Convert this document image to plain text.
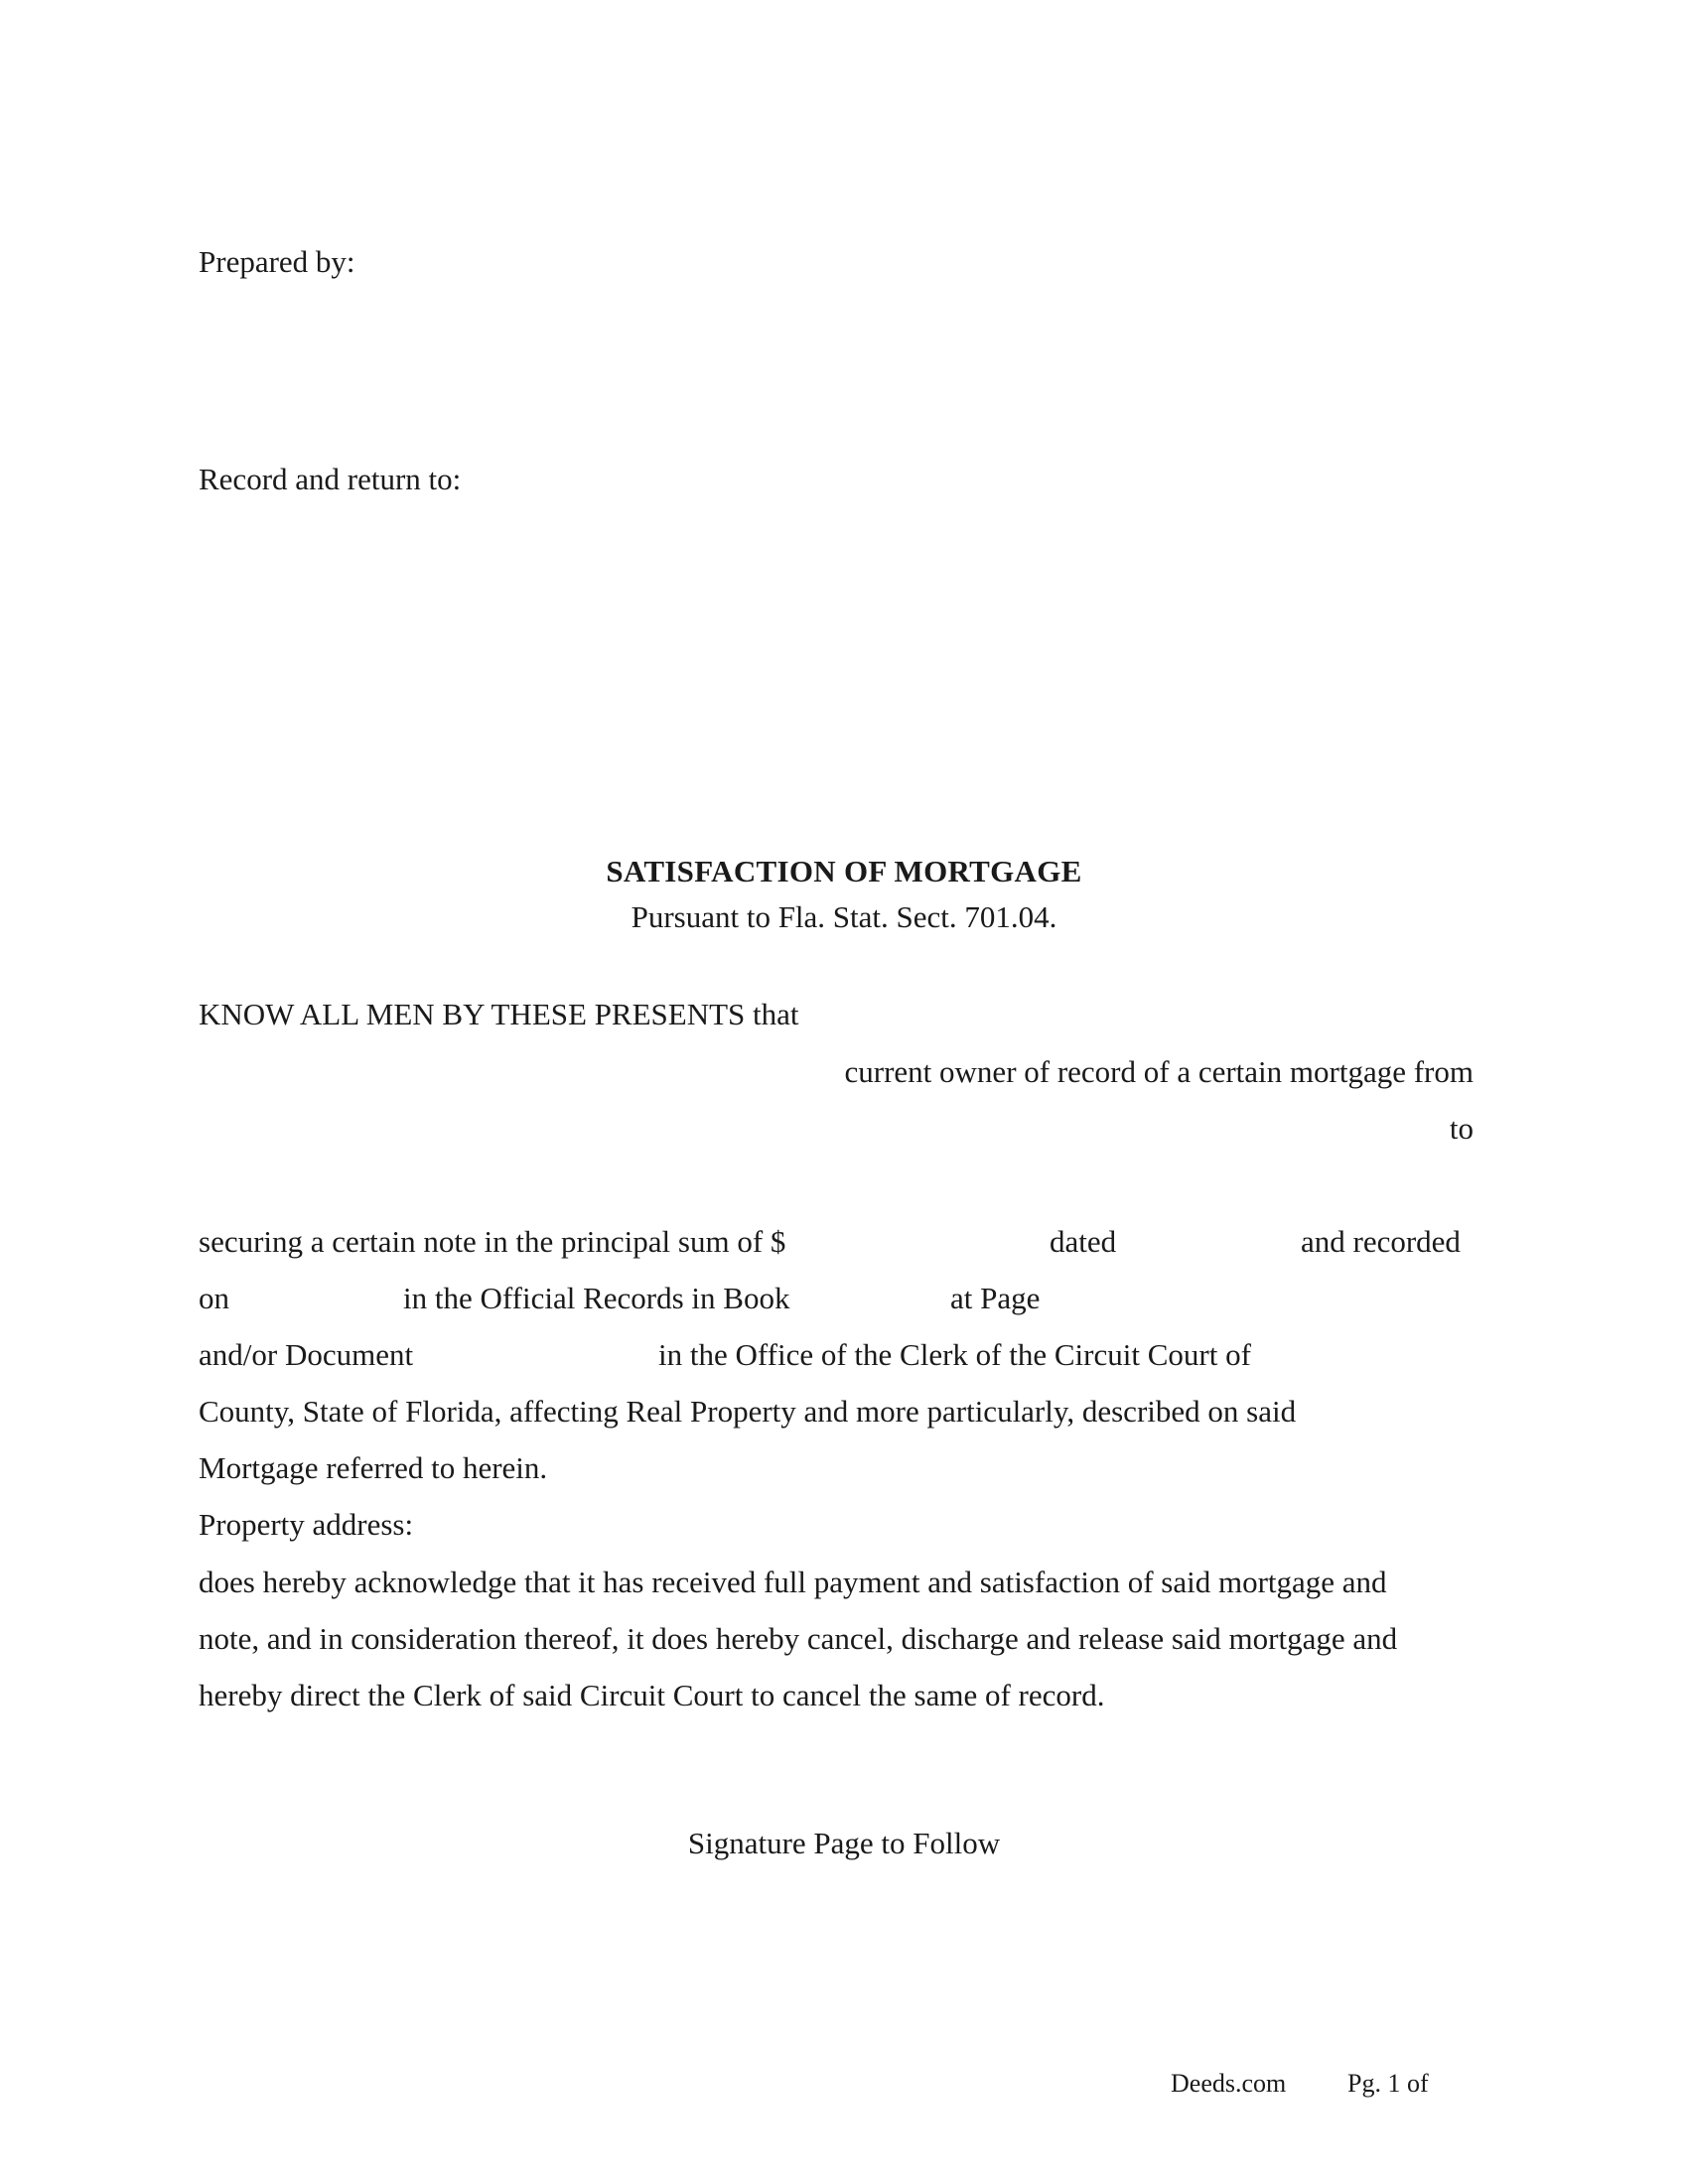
Prepared by:
Record and return to:
SATISFACTION OF MORTGAGE
Pursuant to Fla. Stat. Sect. 701.04.
KNOW ALL MEN BY THESE PRESENTS that
current owner of record of a certain mortgage from
to
securing a certain note in the principal sum of $	dated	and recorded
on	in the Official Records in Book	at Page
and/or Document	in the Office of the Clerk of the Circuit Court of
County, State of Florida, affecting Real Property and more particularly, described on said
Mortgage referred to herein.
Property address:
does hereby acknowledge that it has received full payment and satisfaction of said mortgage and
note, and in consideration thereof, it does hereby cancel, discharge and release said mortgage and
hereby direct the Clerk of said Circuit Court to cancel the same of record.
Signature Page to Follow
Deeds.com Pg. 1 of
